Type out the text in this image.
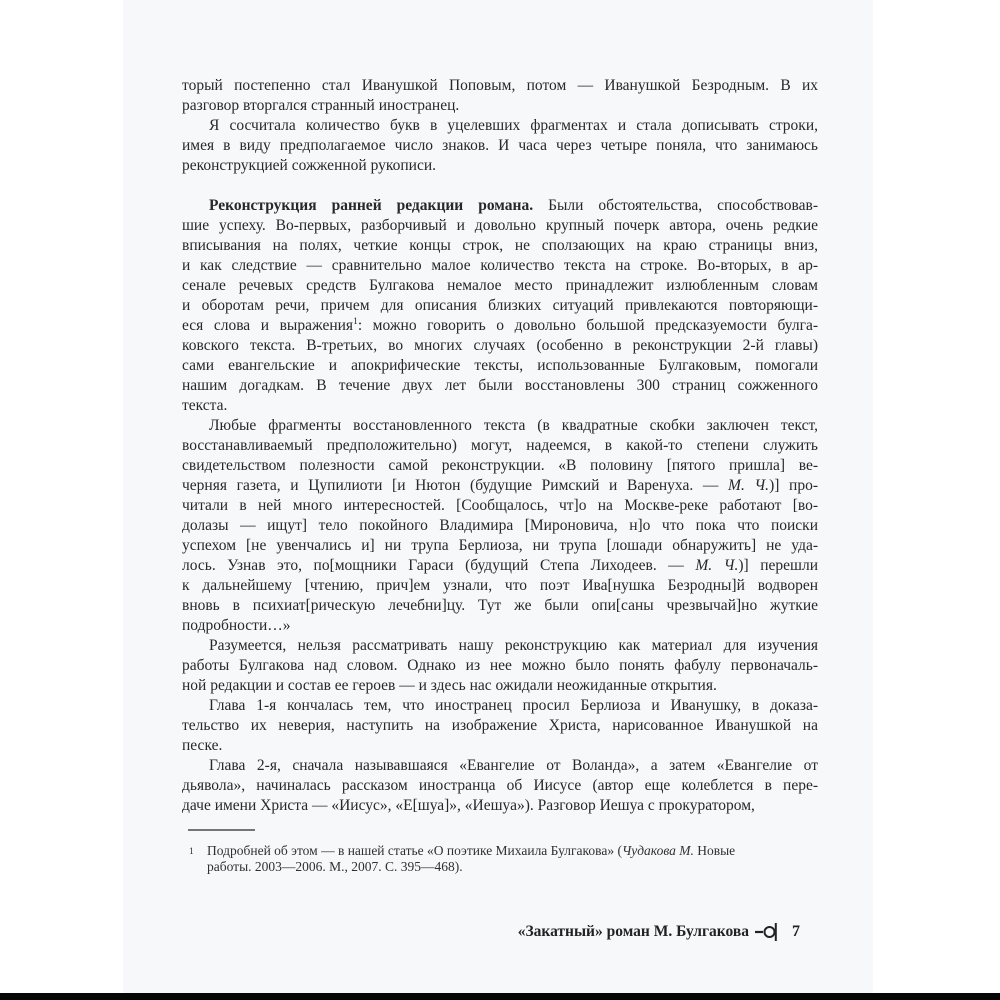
торый постепенно стал Иванушкой Поповым, потом — Иванушкой Безродным. В их
разговор вторгался странный иностранец.
Я сосчитала количество букв в уцелевших фрагментах и стала дописывать строки,
имея в виду предполагаемое число знаков. И часа через четыре поняла, что занимаюсь
реконструкцией сожженной рукописи.
Реконструкция ранней редакции романа. Были обстоятельства, способствовав-
шие успеху. Во-первых, разборчивый и довольно крупный почерк автора, очень редкие
вписывания на полях, четкие концы строк, не сползающих на краю страницы вниз,
и как следствие — сравнительно малое количество текста на строке. Во-вторых, в ар-
сенале речевых средств Булгакова немалое место принадлежит излюбленным словам
и оборотам речи, причем для описания близких ситуаций привлекаются повторяющи-
еся слова и выражения$^1$: можно говорить о довольно большой предсказуемости булга-
ковского текста. В-третьих, во многих случаях (особенно в реконструкции 2-й главы)
сами евангельские и апокрифические тексты, использованные Булгаковым, помогали
нашим догадкам. В течение двух лет были восстановлены 300 страниц сожженного
текста.
Любые фрагменты восстановленного текста (в квадратные скобки заключен текст,
восстанавливаемый предположительно) могут, надеемся, в какой-то степени служить
свидетельством полезности самой реконструкции. «В половину [пятого пришла] ве-
черняя газета, и Цупилиоти [и Нютон (будущие Римский и Варенуха. — М. Ч.)] про-
читали в ней много интересностей. [Сообщалось, чт]о на Москве-реке работают [во-
долазы — ищут] тело покойного Владимира [Мироновича, н]о что пока что поиски
успехом [не увенчались и] ни трупа Берлиоза, ни трупа [лошади обнаружить] не уда-
лось. Узнав это, по[мощники Гараси (будущий Степа Лиходеев. — М. Ч.)] перешли
к дальнейшему [чтению, прич]ем узнали, что поэт Ива[нушка Безродны]й водворен
вновь в психиат[рическую лечебни]цу. Тут же были опи[саны чрезвычай]но жуткие
подробности…»
Разумеется, нельзя рассматривать нашу реконструкцию как материал для изучения
работы Булгакова над словом. Однако из нее можно было понять фабулу первоначаль-
ной редакции и состав ее героев — и здесь нас ожидали неожиданные открытия.
Глава 1-я кончалась тем, что иностранец просил Берлиоза и Иванушку, в доказа-
тельство их неверия, наступить на изображение Христа, нарисованное Иванушкой на
песке.
Глава 2-я, сначала называвшаяся «Евангелие от Воланда», а затем «Евангелие от
дьявола», начиналась рассказом иностранца об Иисусе (автор еще колеблется в пере-
даче имени Христа — «Иисус», «Е[шуа]», «Иешуа»). Разговор Иешуа с прокуратором,
1 Подробней об этом — в нашей статье «О поэтике Михаила Булгакова» (Чудакова М. Новые
работы. 2003—2006. М., 2007. С. 395—468).
«Закатный» роман М. Булгакова	7
